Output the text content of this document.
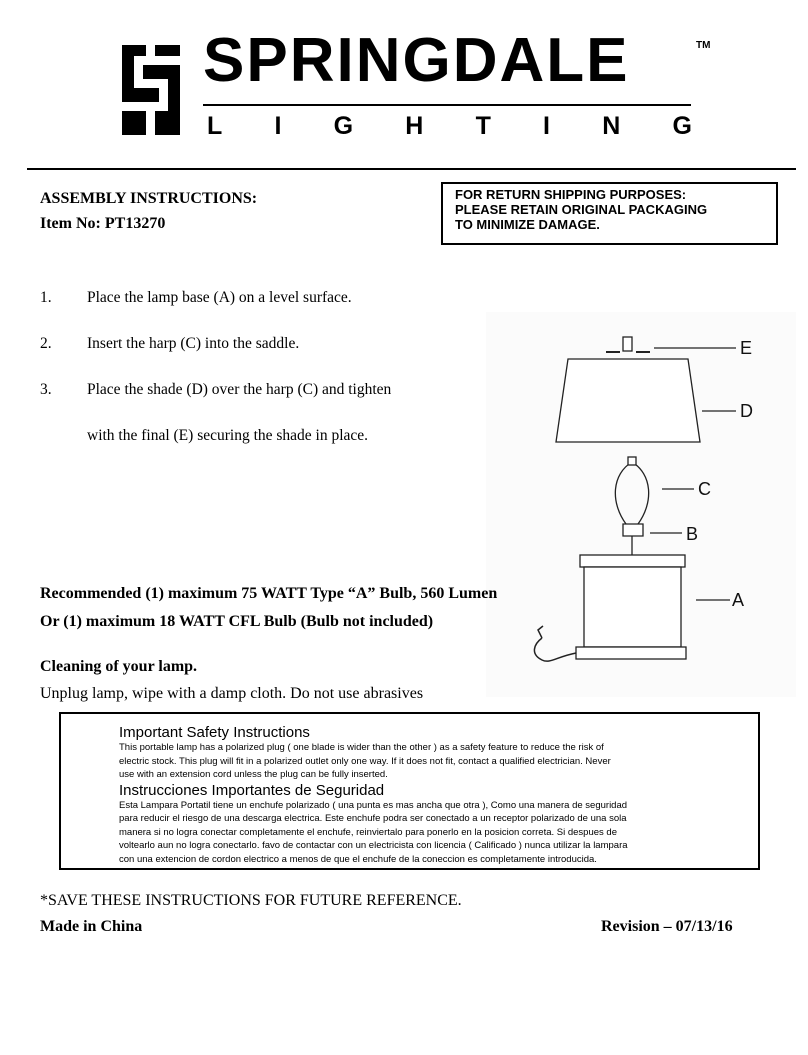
SPRINGDALE	TM
L I G H T I N G
ASSEMBLY INSTRUCTIONS:
Item No: PT13270
FOR RETURN SHIPPING PURPOSES:
PLEASE RETAIN ORIGINAL PACKAGING
TO MINIMIZE DAMAGE.
1.	Place the lamp base (A) on a level surface.
2.	Insert the harp (C) into the saddle.
3.	Place the shade (D) over the harp (C) and tighten
with the final (E) securing the shade in place.
E
D
C
B
A
Recommended (1) maximum 75 WATT Type “A” Bulb, 560 Lumen
Or (1) maximum 18 WATT CFL Bulb (Bulb not included)
Cleaning of your lamp.
Unplug lamp, wipe with a damp cloth. Do not use abrasives
Important Safety Instructions
This portable lamp has a polarized plug ( one blade is wider than the other ) as a safety feature to reduce the risk of
electric stock. This plug will fit in a polarized outlet only one way. If it does not fit, contact a qualified electrician. Never
use with an extension cord unless the plug can be fully inserted.
Instrucciones Importantes de Seguridad
Esta Lampara Portatil tiene un enchufe polarizado ( una punta es mas ancha que otra ), Como una manera de seguridad
para reducir el riesgo de una descarga electrica. Este enchufe podra ser conectado a un receptor polarizado de una sola
manera si no logra conectar completamente el enchufe, reinviertalo para ponerlo en la posicion correta. Si despues de
voltearlo aun no logra conectarlo. favo de contactar con un electricista con licencia ( Calificado ) nunca utilizar la lampara
con una extencion de cordon electrico a menos de que el enchufe de la coneccion es completamente introducida.
*SAVE THESE INSTRUCTIONS FOR FUTURE REFERENCE.
Made in China	Revision – 07/13/16
